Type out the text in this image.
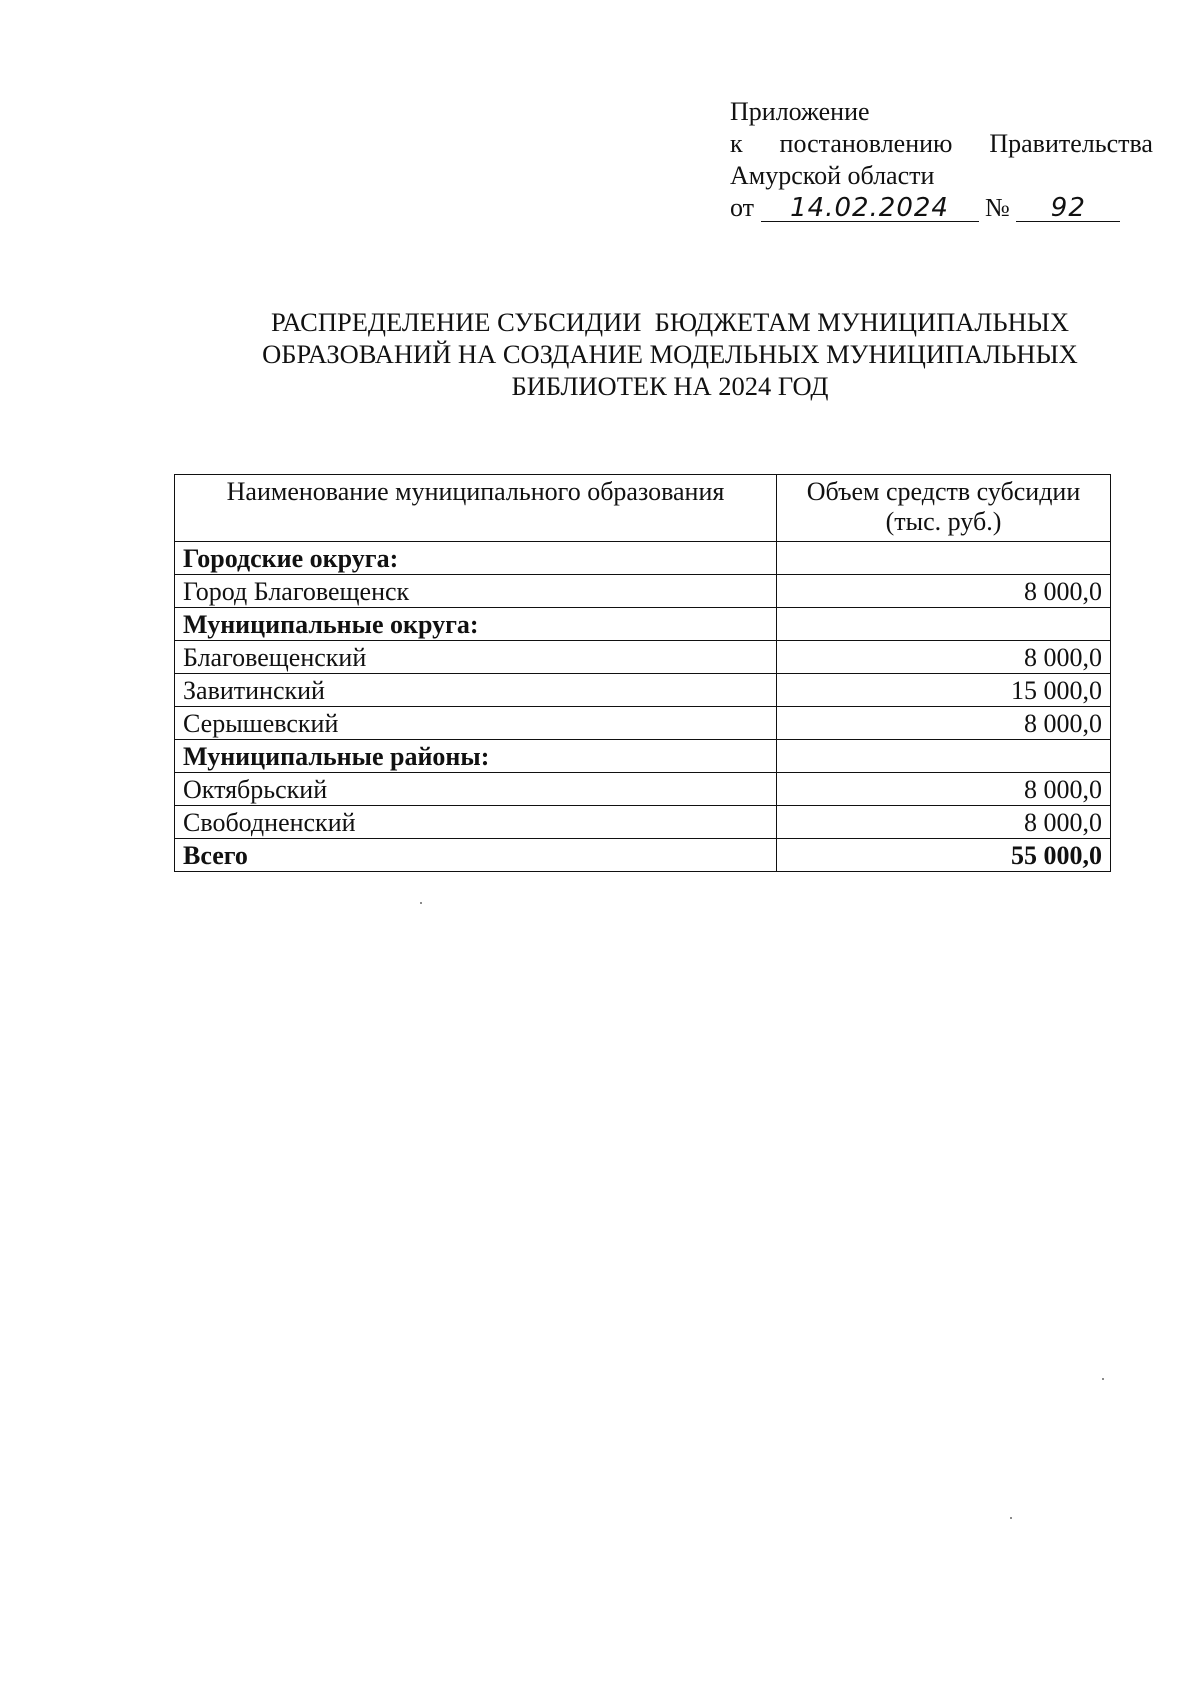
Приложение
к постановлению Правительства
Амурской области
от 14.02.2024 № 92
РАСПРЕДЕЛЕНИЕ СУБСИДИИ  БЮДЖЕТАМ МУНИЦИПАЛЬНЫХ
ОБРАЗОВАНИЙ НА СОЗДАНИЕ МОДЕЛЬНЫХ МУНИЦИПАЛЬНЫХ
БИБЛИОТЕК НА 2024 ГОД
Наименование муниципального образования	Объем средств субсидии
(тыс. руб.)

Городские округа:	
Город Благовещенск	8 000,0
Муниципальные округа:	
Благовещенский	8 000,0
Завитинский	15 000,0
Серышевский	8 000,0
Муниципальные районы:	
Октябрьский	8 000,0
Свободненский	8 000,0
Всего	55 000,0
